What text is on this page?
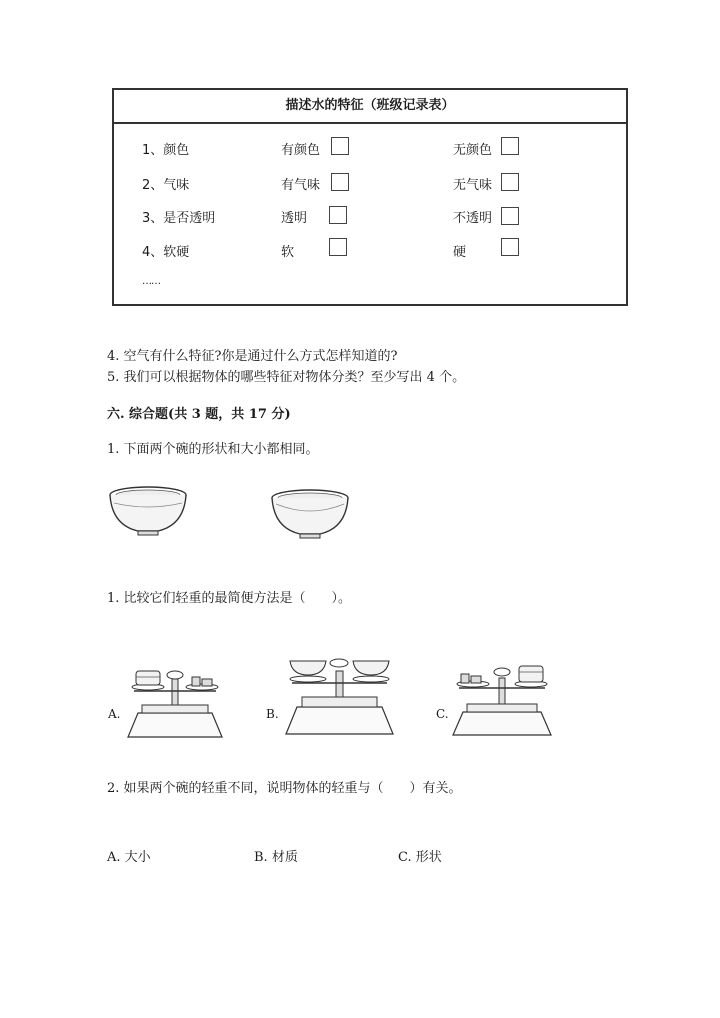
描述水的特征（班级记录表）
1、颜色	有颜色	无颜色
2、气味	有气味	无气味
3、是否透明	透明	不透明
4、软硬	软	硬
……
4. 空气有什么特征?你是通过什么方式怎样知道的?
5. 我们可以根据物体的哪些特征对物体分类？至少写出 4 个。
六. 综合题(共 3 题，共 17 分)
1. 下面两个碗的形状和大小都相同。
1. 比较它们轻重的最简便方法是（　　）。
A.	B.	C.
2. 如果两个碗的轻重不同，说明物体的轻重与（　　）有关。
A. 大小	B. 材质	C. 形状
